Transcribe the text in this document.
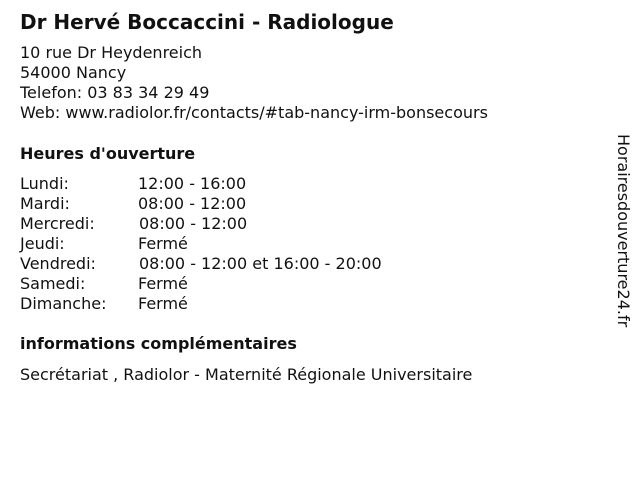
Dr Hervé Boccaccini - Radiologue
10 rue Dr Heydenreich
54000 Nancy
Telefon: 03 83 34 29 49
Web: www.radiolor.fr/contacts/#tab-nancy-irm-bonsecours
Heures d'ouverture
Lundi:	12:00 - 16:00
Mardi:	08:00 - 12:00
Mercredi:	08:00 - 12:00
Jeudi:	Fermé
Vendredi:	08:00 - 12:00 et 16:00 - 20:00
Samedi:	Fermé
Dimanche: Fermé
informations complémentaires
Secrétariat , Radiolor - Maternité Régionale Universitaire
Horairesdouverture24.fr
